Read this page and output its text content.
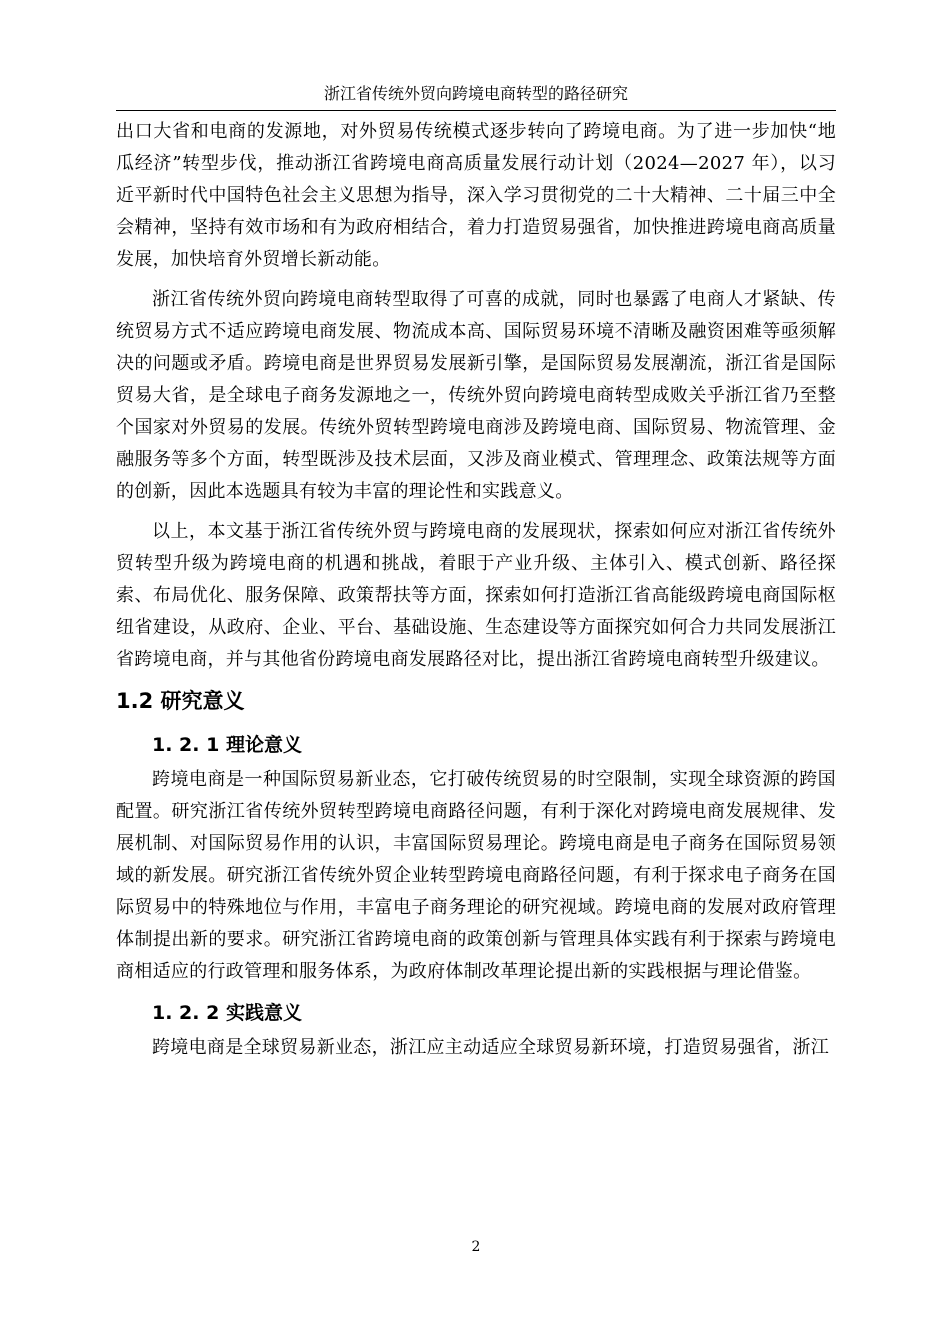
浙江省传统外贸向跨境电商转型的路径研究

出口大省和电商的发源地，对外贸易传统模式逐步转向了跨境电商。为了进一步加快“地瓜经济”转型步伐，推动浙江省跨境电商高质量发展行动计划（2024—2027 年），以习近平新时代中国特色社会主义思想为指导，深入学习贯彻党的二十大精神、二十届三中全会精神，坚持有效市场和有为政府相结合，着力打造贸易强省，加快推进跨境电商高质量发展，加快培育外贸增长新动能。

浙江省传统外贸向跨境电商转型取得了可喜的成就，同时也暴露了电商人才紧缺、传统贸易方式不适应跨境电商发展、物流成本高、国际贸易环境不清晰及融资困难等亟须解决的问题或矛盾。跨境电商是世界贸易发展新引擎，是国际贸易发展潮流，浙江省是国际贸易大省，是全球电子商务发源地之一，传统外贸向跨境电商转型成败关乎浙江省乃至整个国家对外贸易的发展。传统外贸转型跨境电商涉及跨境电商、国际贸易、物流管理、金融服务等多个方面，转型既涉及技术层面，又涉及商业模式、管理理念、政策法规等方面的创新，因此本选题具有较为丰富的理论性和实践意义。

以上，本文基于浙江省传统外贸与跨境电商的发展现状，探索如何应对浙江省传统外贸转型升级为跨境电商的机遇和挑战，着眼于产业升级、主体引入、模式创新、路径探索、布局优化、服务保障、政策帮扶等方面，探索如何打造浙江省高能级跨境电商国际枢纽省建设，从政府、企业、平台、基础设施、生态建设等方面探究如何合力共同发展浙江省跨境电商，并与其他省份跨境电商发展路径对比，提出浙江省跨境电商转型升级建议。

1.2 研究意义
1. 2. 1 理论意义

跨境电商是一种国际贸易新业态，它打破传统贸易的时空限制，实现全球资源的跨国配置。研究浙江省传统外贸转型跨境电商路径问题，有利于深化对跨境电商发展规律、发展机制、对国际贸易作用的认识，丰富国际贸易理论。跨境电商是电子商务在国际贸易领域的新发展。研究浙江省传统外贸企业转型跨境电商路径问题，有利于探求电子商务在国际贸易中的特殊地位与作用，丰富电子商务理论的研究视域。跨境电商的发展对政府管理体制提出新的要求。研究浙江省跨境电商的政策创新与管理具体实践有利于探索与跨境电商相适应的行政管理和服务体系，为政府体制改革理论提出新的实践根据与理论借鉴。

1. 2. 2 实践意义

跨境电商是全球贸易新业态，浙江应主动适应全球贸易新环境，打造贸易强省，浙江

2
